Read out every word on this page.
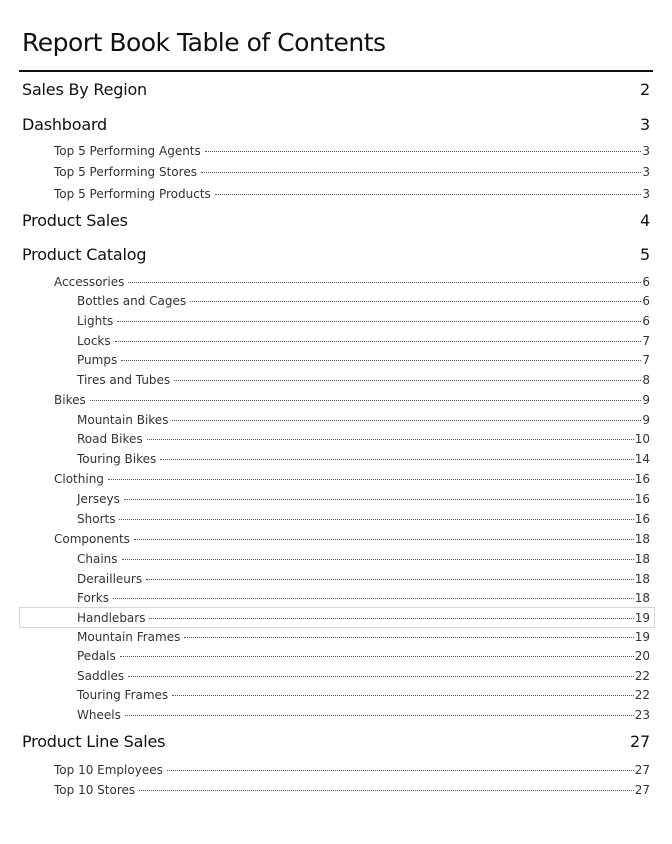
Report Book Table of Contents
Sales By Region	2
Dashboard	3
Top 5 Performing Agents	3
Top 5 Performing Stores	3
Top 5 Performing Products	3
Product Sales	4
Product Catalog	5
Accessories	6
Bottles and Cages	6
Lights	6
Locks	7
Pumps	7
Tires and Tubes	8
Bikes	9
Mountain Bikes	9
Road Bikes	10
Touring Bikes	14
Clothing	16
Jerseys	16
Shorts	16
Components	18
Chains	18
Derailleurs	18
Forks	18
Handlebars	19
Mountain Frames	19
Pedals	20
Saddles	22
Touring Frames	22
Wheels	23
Product Line Sales	27
Top 10 Employees	27
Top 10 Stores	27
